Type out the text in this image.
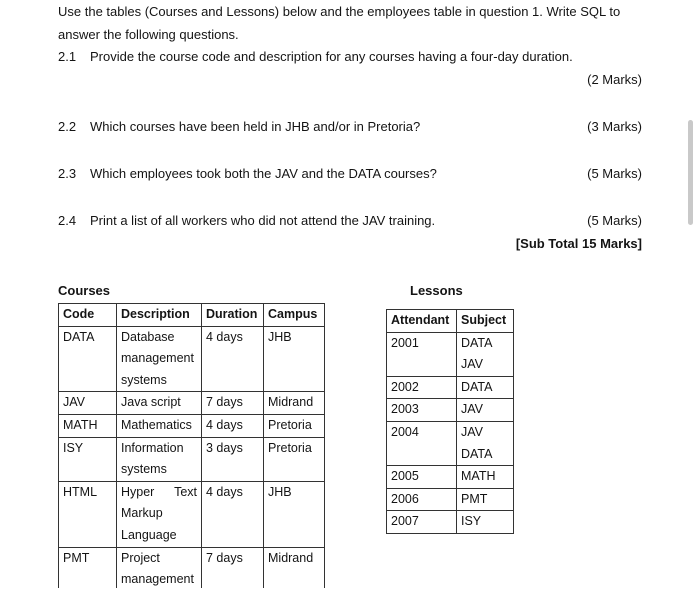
Use the tables (Courses and Lessons) below and the employees table in question 1. Write SQL to
answer the following questions.
2.1 Provide the course code and description for any courses having a four-day duration.
(2 Marks)
2.2 Which courses have been held in JHB and/or in Pretoria?	(3 Marks)
2.3 Which employees took both the JAV and the DATA courses?	(5 Marks)
2.4 Print a list of all workers who did not attend the JAV training.	(5 Marks)
[Sub Total 15 Marks]
Courses
Code	Description	Duration	Campus
DATA	Database
management
systems	4 days	JHB
JAV	Java script	7 days	Midrand
MATH	Mathematics	4 days	Pretoria
ISY	Information
systems	3 days	Pretoria
HTML	Hyper Text
Markup
Language	4 days	JHB
PMT	Project
management	7 days	Midrand
Lessons
Attendant	Subject
2001	DATA
JAV

2002	DATA
2003	JAV
2004	JAV
DATA

2005	MATH
2006	PMT
2007	ISY
